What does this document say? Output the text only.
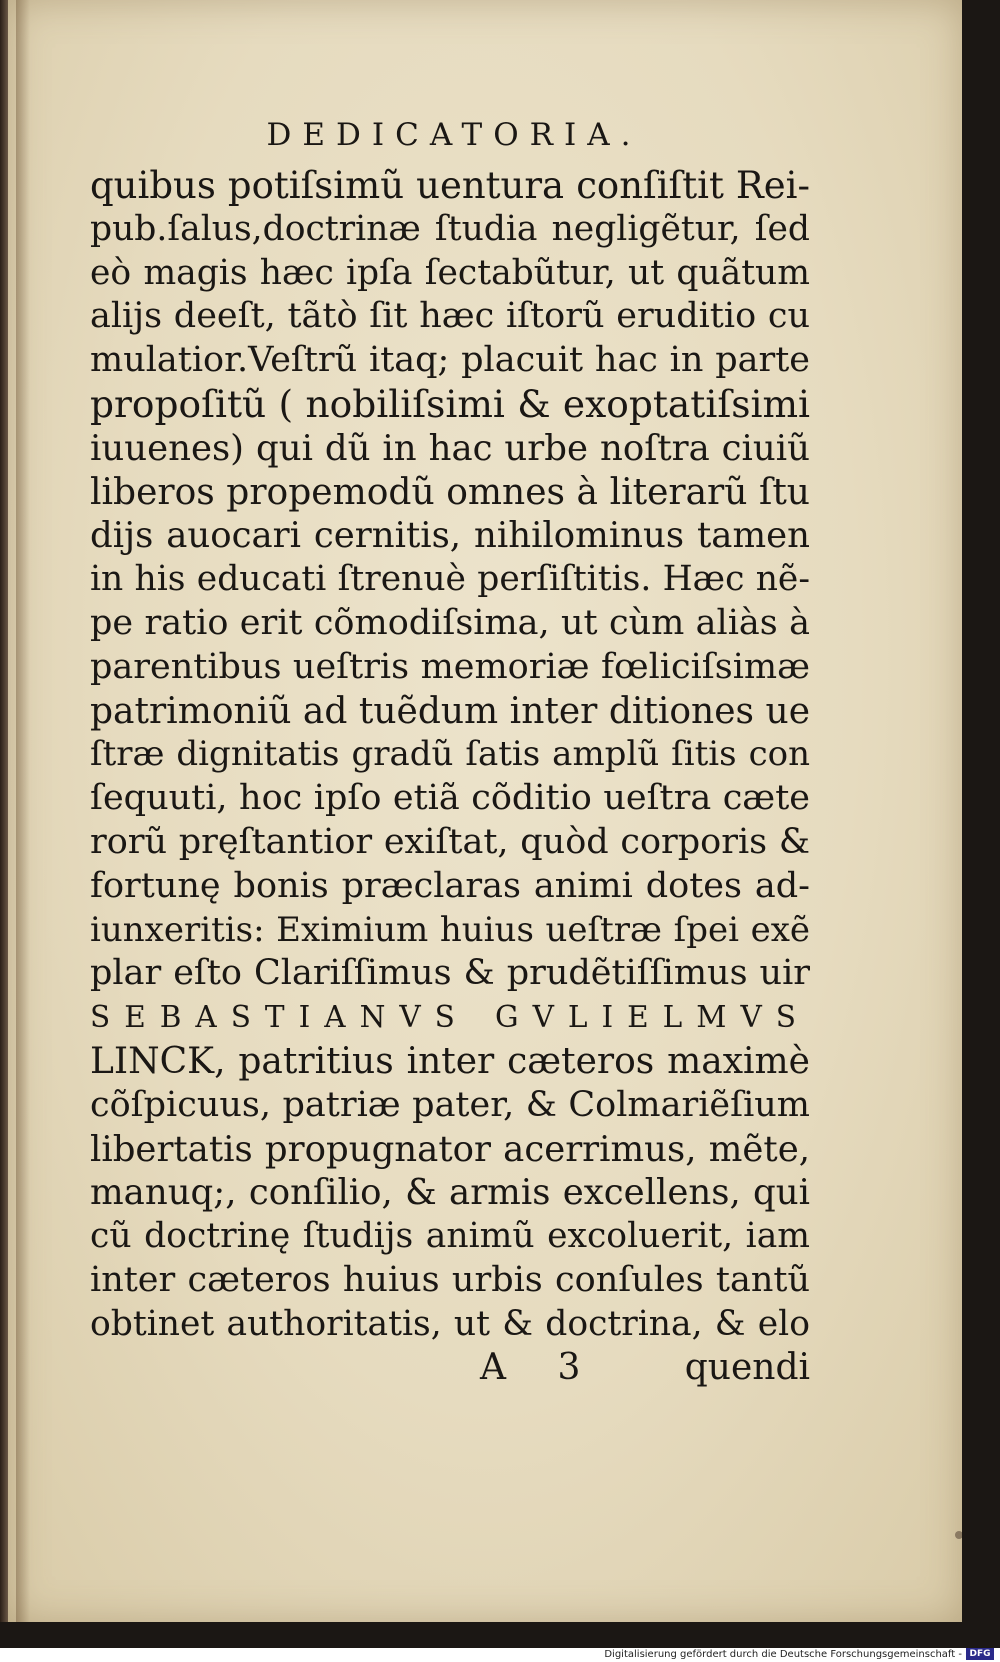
DEDICATORIA.
quibus potiſsimũ uentura conſiſtit Rei-
pub.ſalus,doctrinæ ſtudia negligẽtur, ſed
eò magis hæc ipſa ſectabũtur, ut quãtum
alijs deeſt, tãtò ſit hæc iſtorũ eruditio cu
mulatior.Veſtrũ itaq; placuit hac in parte
propoſitũ ( nobiliſsimi & exoptatiſsimi
iuuenes) qui dũ in hac urbe noſtra ciuiũ
liberos propemodũ omnes à literarũ ſtu
dijs auocari cernitis, nihilominus tamen
in his educati ſtrenuè perſiſtitis. Hæc nẽ-
pe ratio erit cõmodiſsima, ut cùm aliàs à
parentibus ueſtris memoriæ fœliciſsimæ
patrimoniũ ad tuẽdum inter ditiones ue
ſtræ dignitatis gradũ ſatis amplũ ſitis con
ſequuti, hoc ipſo etiã cõditio ueſtra cæte
rorũ pręſtantior exiſtat, quòd corporis &
fortunę bonis præclaras animi dotes ad-
iunxeritis: Eximium huius ueſtræ ſpei exẽ
plar eſto Clariſſimus & prudẽtiſſimus uir
SEBASTIANVS GVLIELMVS
LINCK, patritius inter cæteros maximè
cõſpicuus, patriæ pater, & Colmariẽſium
libertatis propugnator acerrimus, mẽte,
manuq;, conſilio, & armis excellens, qui
cũ doctrinę ſtudijs animũ excoluerit, iam
inter cæteros huius urbis conſules tantũ
obtinet authoritatis, ut & doctrina, & elo
A 3 quendi
Digitalisierung gefördert durch die Deutsche Forschungsgemeinschaft - DFG
